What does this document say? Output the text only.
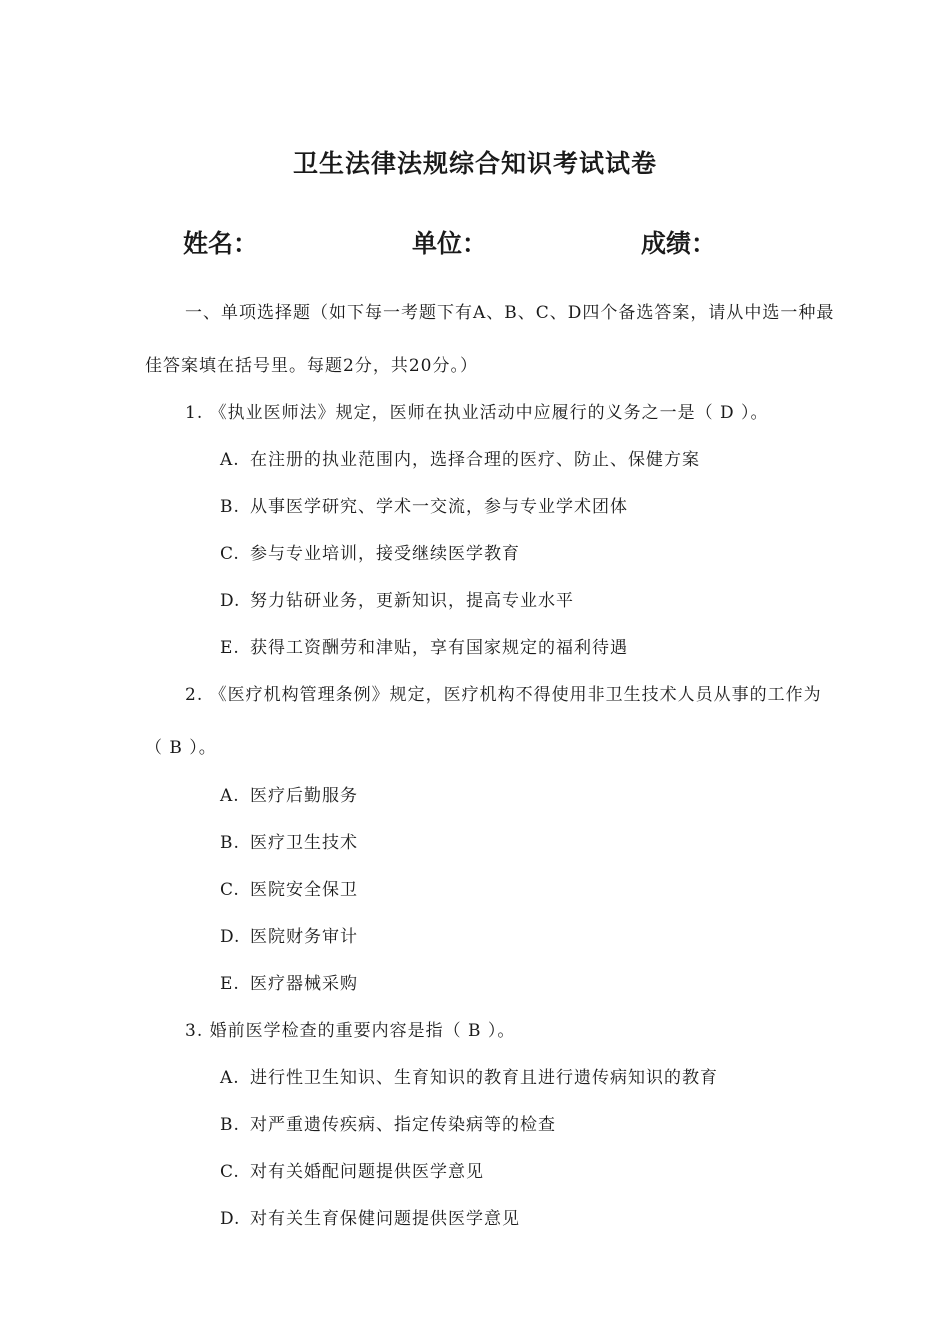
卫生法律法规综合知识考试试卷
姓名：	单位：	成绩：
一、单项选择题（如下每一考题下有A、B、C、D四个备选答案，请从中选一种最
佳答案填在括号里。每题2分，共20分。）
1. 《执业医师法》规定，医师在执业活动中应履行的义务之一是（ D ）。
A. 在注册的执业范围内，选择合理的医疗、防止、保健方案
B. 从事医学研究、学术一交流，参与专业学术团体
C. 参与专业培训，接受继续医学教育
D. 努力钻研业务，更新知识，提高专业水平
E. 获得工资酬劳和津贴，享有国家规定的福利待遇
2. 《医疗机构管理条例》规定，医疗机构不得使用非卫生技术人员从事的工作为
（ B ）。
A. 医疗后勤服务
B. 医疗卫生技术
C. 医院安全保卫
D. 医院财务审计
E. 医疗器械采购
3. 婚前医学检查的重要内容是指（ B ）。
A. 进行性卫生知识、生育知识的教育且进行遗传病知识的教育
B. 对严重遗传疾病、指定传染病等的检查
C. 对有关婚配问题提供医学意见
D. 对有关生育保健问题提供医学意见
